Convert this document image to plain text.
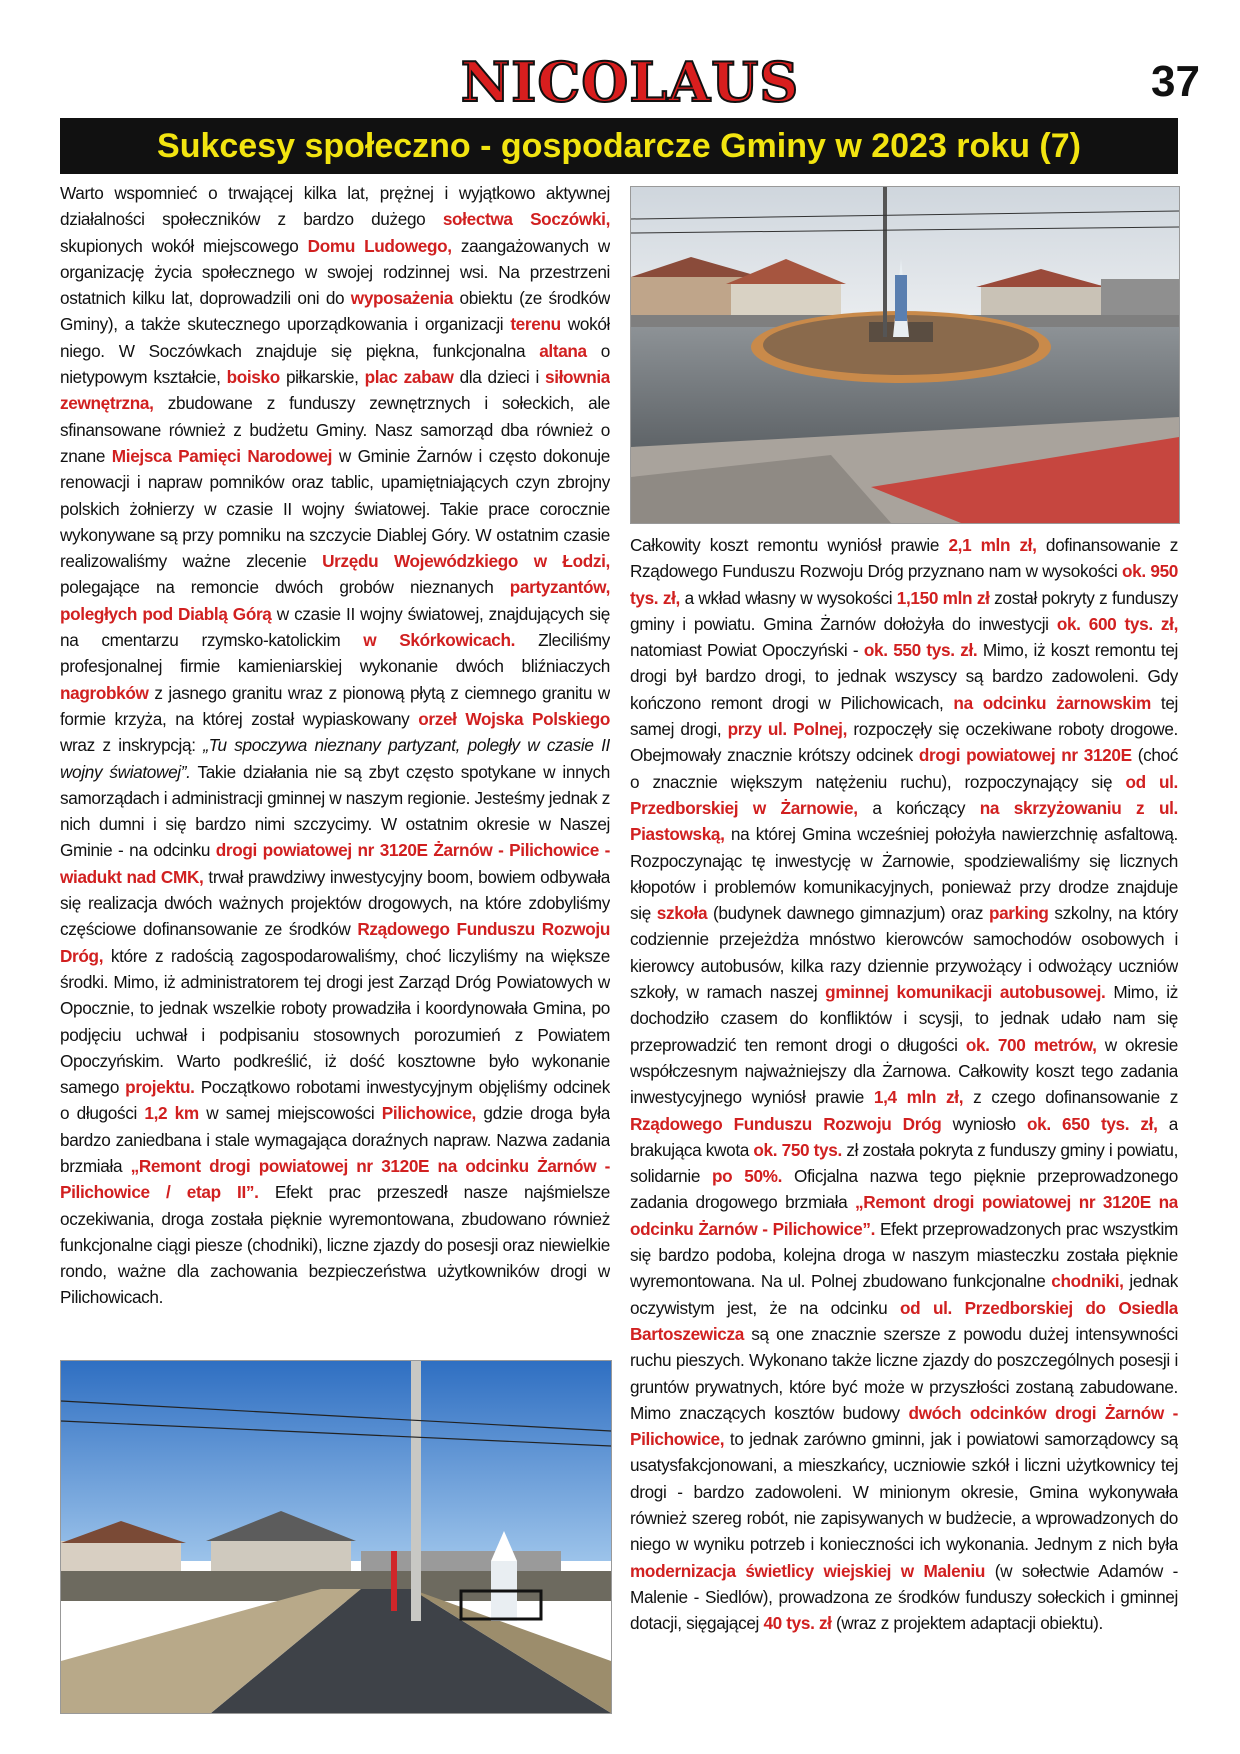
NICOLAUS	37
Sukcesy społeczno - gospodarcze Gminy w 2023 roku (7)

Warto wspomnieć o trwającej kilka lat, prężnej i wyjątkowo aktywnej działalności społeczników z bardzo dużego sołectwa Soczówki, skupionych wokół miejscowego Domu Ludowego, zaangażowanych w organizację życia społecznego w swojej rodzinnej wsi. Na przestrzeni ostatnich kilku lat, doprowadzili oni do wyposażenia obiektu (ze środków Gminy), a także skutecznego uporządkowania i organizacji terenu wokół niego. W Soczówkach znajduje się piękna, funkcjonalna altana o nietypowym kształcie, boisko piłkarskie, plac zabaw dla dzieci i siłownia zewnętrzna, zbudowane z funduszy zewnętrznych i sołeckich, ale sfinansowane również z budżetu Gminy. Nasz samorząd dba również o znane Miejsca Pamięci Narodowej w Gminie Żarnów i często dokonuje renowacji i napraw pomników oraz tablic, upamiętniających czyn zbrojny polskich żołnierzy w czasie II wojny światowej. Takie prace corocznie wykonywane są przy pomniku na szczycie Diablej Góry. W ostatnim czasie realizowaliśmy ważne zlecenie Urzędu Wojewódzkiego w Łodzi, polegające na remoncie dwóch grobów nieznanych partyzantów, poległych pod Diablą Górą w czasie II wojny światowej, znajdujących się na cmentarzu rzymsko-katolickim w Skórkowicach. Zleciliśmy profesjonalnej firmie kamieniarskiej wykonanie dwóch bliźniaczych nagrobków z jasnego granitu wraz z pionową płytą z ciemnego granitu w formie krzyża, na której został wypiaskowany orzeł Wojska Polskiego wraz z inskrypcją: „Tu spoczywa nieznany partyzant, poległy w czasie II wojny światowej”. Takie działania nie są zbyt często spotykane w innych samorządach i administracji gminnej w naszym regionie. Jesteśmy jednak z nich dumni i się bardzo nimi szczycimy. W ostatnim okresie w Naszej Gminie - na odcinku drogi powiatowej nr 3120E Żarnów - Pilichowice - wiadukt nad CMK, trwał prawdziwy inwestycyjny boom, bowiem odbywała się realizacja dwóch ważnych projektów drogowych, na które zdobyliśmy częściowe dofinansowanie ze środków Rządowego Funduszu Rozwoju Dróg, które z radością zagospodarowaliśmy, choć liczyliśmy na większe środki. Mimo, iż administratorem tej drogi jest Zarząd Dróg Powiatowych w Opocznie, to jednak wszelkie roboty prowadziła i koordynowała Gmina, po podjęciu uchwał i podpisaniu stosownych porozumień z Powiatem Opoczyńskim. Warto podkreślić, iż dość kosztowne było wykonanie samego projektu. Początkowo robotami inwestycyjnym objęliśmy odcinek o długości 1,2 km w samej miejscowości Pilichowice, gdzie droga była bardzo zaniedbana i stale wymagająca doraźnych napraw. Nazwa zadania brzmiała „Remont drogi powiatowej nr 3120E na odcinku Żarnów - Pilichowice / etap II”. Efekt prac przeszedł nasze najśmielsze oczekiwania, droga została pięknie wyremontowana, zbudowano również funkcjonalne ciągi piesze (chodniki), liczne zjazdy do posesji oraz niewielkie rondo, ważne dla zachowania bezpieczeństwa użytkowników drogi w Pilichowicach.

Całkowity koszt remontu wyniósł prawie 2,1 mln zł, dofinansowanie z Rządowego Funduszu Rozwoju Dróg przyznano nam w wysokości ok. 950 tys. zł, a wkład własny w wysokości 1,150 mln zł został pokryty z funduszy gminy i powiatu. Gmina Żarnów dołożyła do inwestycji ok. 600 tys. zł, natomiast Powiat Opoczyński - ok. 550 tys. zł. Mimo, iż koszt remontu tej drogi był bardzo drogi, to jednak wszyscy są bardzo zadowoleni. Gdy kończono remont drogi w Pilichowicach, na odcinku żarnowskim tej samej drogi, przy ul. Polnej, rozpoczęły się oczekiwane roboty drogowe. Obejmowały znacznie krótszy odcinek drogi powiatowej nr 3120E (choć o znacznie większym natężeniu ruchu), rozpoczynający się od ul. Przedborskiej w Żarnowie, a kończący na skrzyżowaniu z ul. Piastowską, na której Gmina wcześniej położyła nawierzchnię asfaltową. Rozpoczynając tę inwestycję w Żarnowie, spodziewaliśmy się licznych kłopotów i problemów komunikacyjnych, ponieważ przy drodze znajduje się szkoła (budynek dawnego gimnazjum) oraz parking szkolny, na który codziennie przejeżdża mnóstwo kierowców samochodów osobowych i kierowcy autobusów, kilka razy dziennie przywożący i odwożący uczniów szkoły, w ramach naszej gminnej komunikacji autobusowej. Mimo, iż dochodziło czasem do konfliktów i scysji, to jednak udało nam się przeprowadzić ten remont drogi o długości ok. 700 metrów, w okresie współczesnym najważniejszy dla Żarnowa. Całkowity koszt tego zadania inwestycyjnego wyniósł prawie 1,4 mln zł, z czego dofinansowanie z Rządowego Funduszu Rozwoju Dróg wyniosło ok. 650 tys. zł, a brakująca kwota ok. 750 tys. zł została pokryta z funduszy gminy i powiatu, solidarnie po 50%. Oficjalna nazwa tego pięknie przeprowadzonego zadania drogowego brzmiała „Remont drogi powiatowej nr 3120E na odcinku Żarnów - Pilichowice”. Efekt przeprowadzonych prac wszystkim się bardzo podoba, kolejna droga w naszym miasteczku została pięknie wyremontowana. Na ul. Polnej zbudowano funkcjonalne chodniki, jednak oczywistym jest, że na odcinku od ul. Przedborskiej do Osiedla Bartoszewicza są one znacznie szersze z powodu dużej intensywności ruchu pieszych. Wykonano także liczne zjazdy do poszczególnych posesji i gruntów prywatnych, które być może w przyszłości zostaną zabudowane. Mimo znaczących kosztów budowy dwóch odcinków drogi Żarnów - Pilichowice, to jednak zarówno gminni, jak i powiatowi samorządowcy są usatysfakcjonowani, a mieszkańcy, uczniowie szkół i liczni użytkownicy tej drogi - bardzo zadowoleni. W minionym okresie, Gmina wykonywała również szereg robót, nie zapisywanych w budżecie, a wprowadzonych do niego w wyniku potrzeb i konieczności ich wykonania. Jednym z nich była modernizacja świetlicy wiejskiej w Maleniu (w sołectwie Adamów - Malenie - Siedlów), prowadzona ze środków funduszy sołeckich i gminnej dotacji, sięgającej 40 tys. zł (wraz z projektem adaptacji obiektu).
